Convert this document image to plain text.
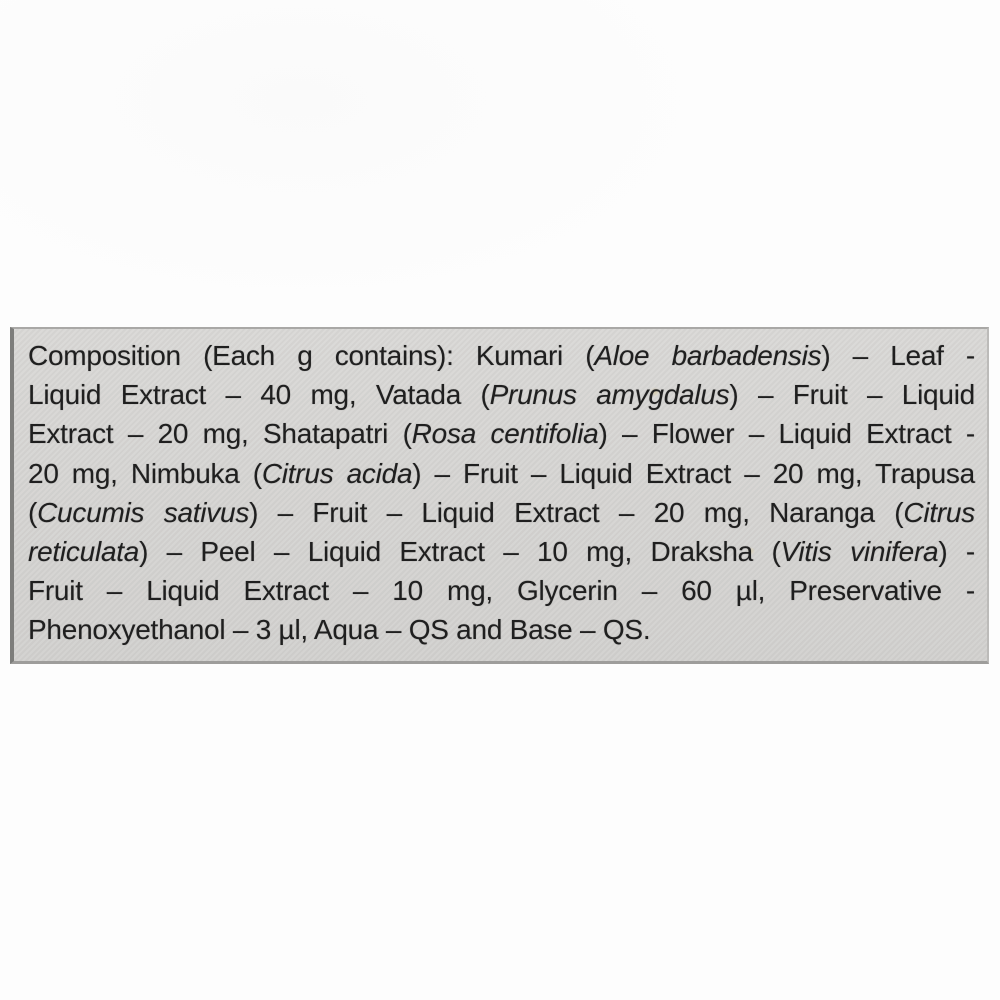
Composition (Each g contains): Kumari (Aloe barbadensis) – Leaf -
Liquid Extract – 40 mg, Vatada (Prunus amygdalus) – Fruit – Liquid
Extract – 20 mg, Shatapatri (Rosa centifolia) – Flower – Liquid Extract -
20 mg, Nimbuka (Citrus acida) – Fruit – Liquid Extract – 20 mg, Trapusa
(Cucumis sativus) – Fruit – Liquid Extract – 20 mg, Naranga (Citrus
reticulata) – Peel – Liquid Extract – 10 mg, Draksha (Vitis vinifera) -
Fruit – Liquid Extract – 10 mg, Glycerin – 60 µl, Preservative -
Phenoxyethanol – 3 µl, Aqua – QS and Base – QS.
